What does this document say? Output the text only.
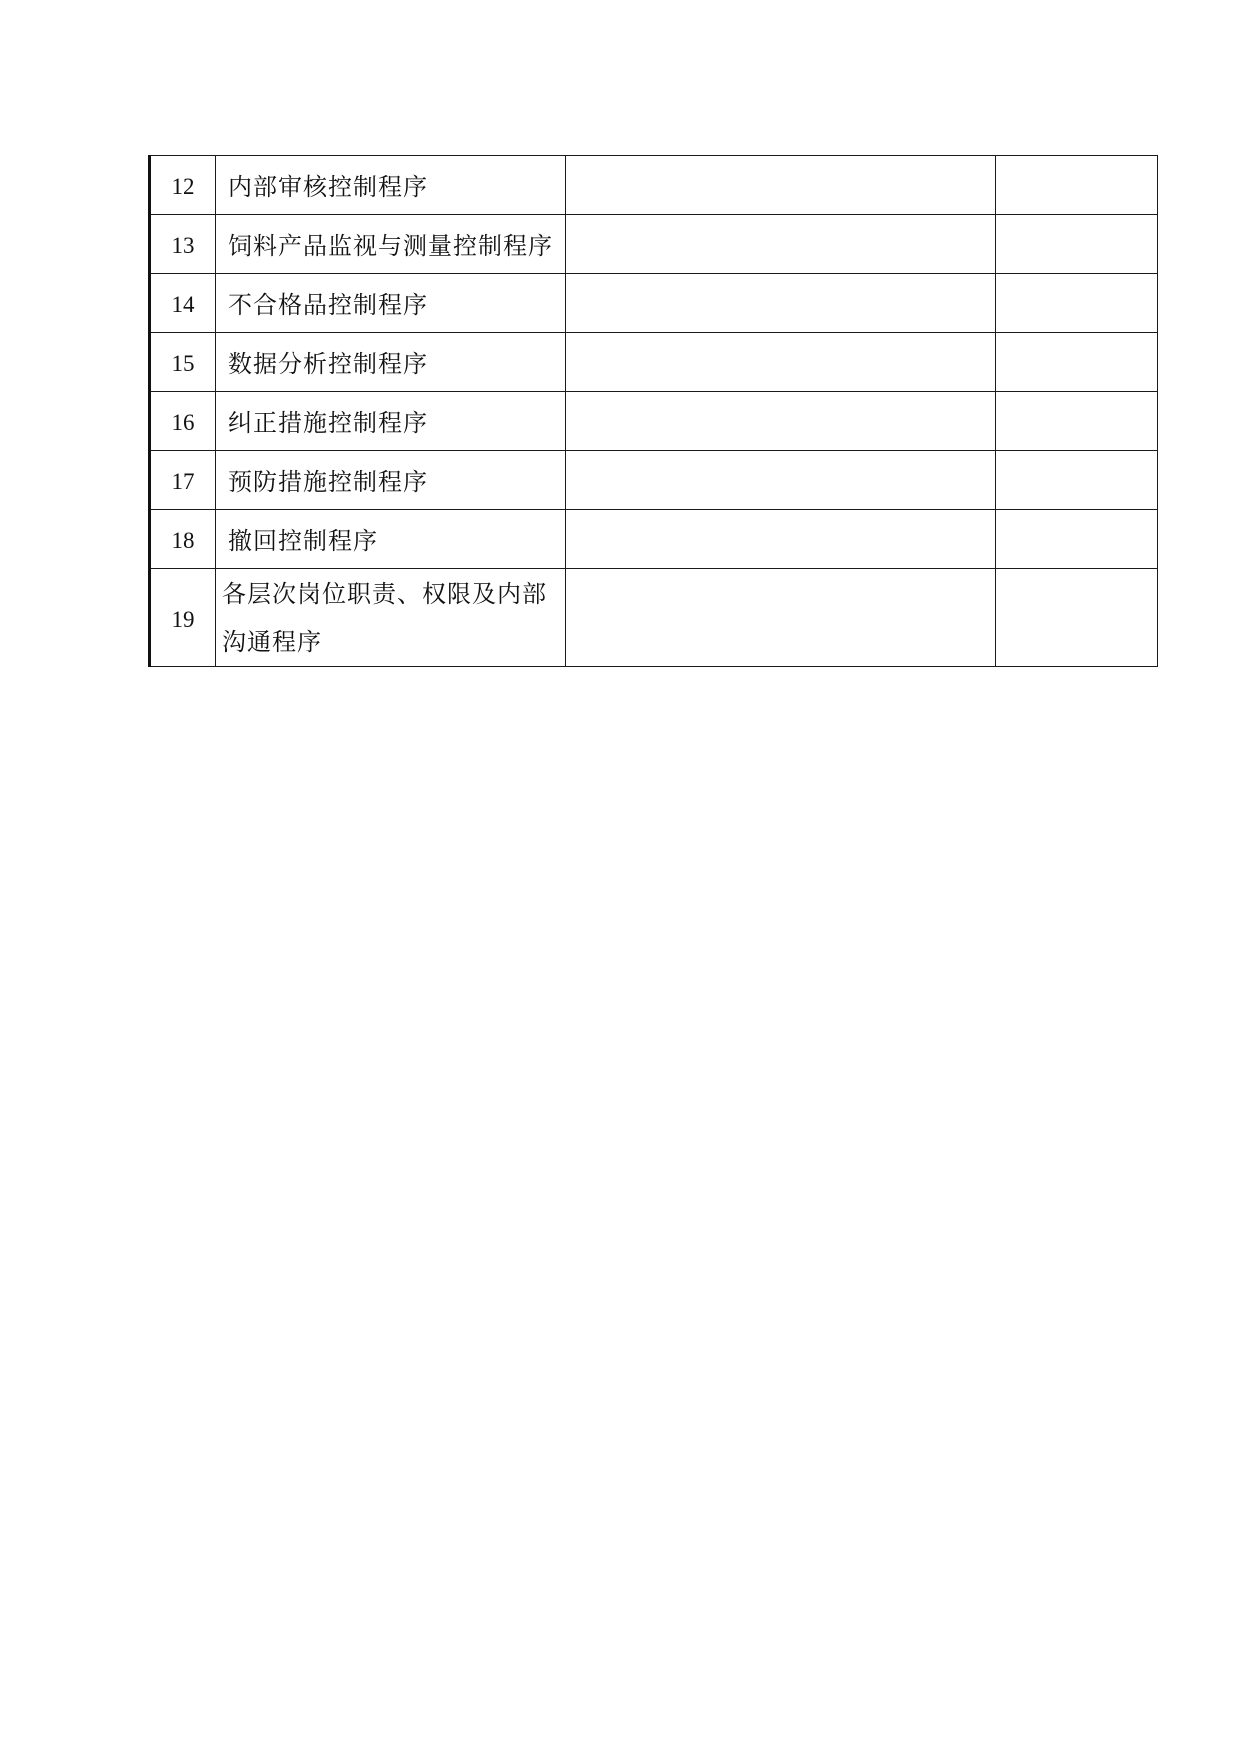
12	内部审核控制程序		

13	饲料产品监视与测量控制程序		

14	不合格品控制程序		

15	数据分析控制程序		

16	纠正措施控制程序		

17	预防措施控制程序		

18	撤回控制程序		

19	各层次岗位职责、权限及内部沟通程序		
